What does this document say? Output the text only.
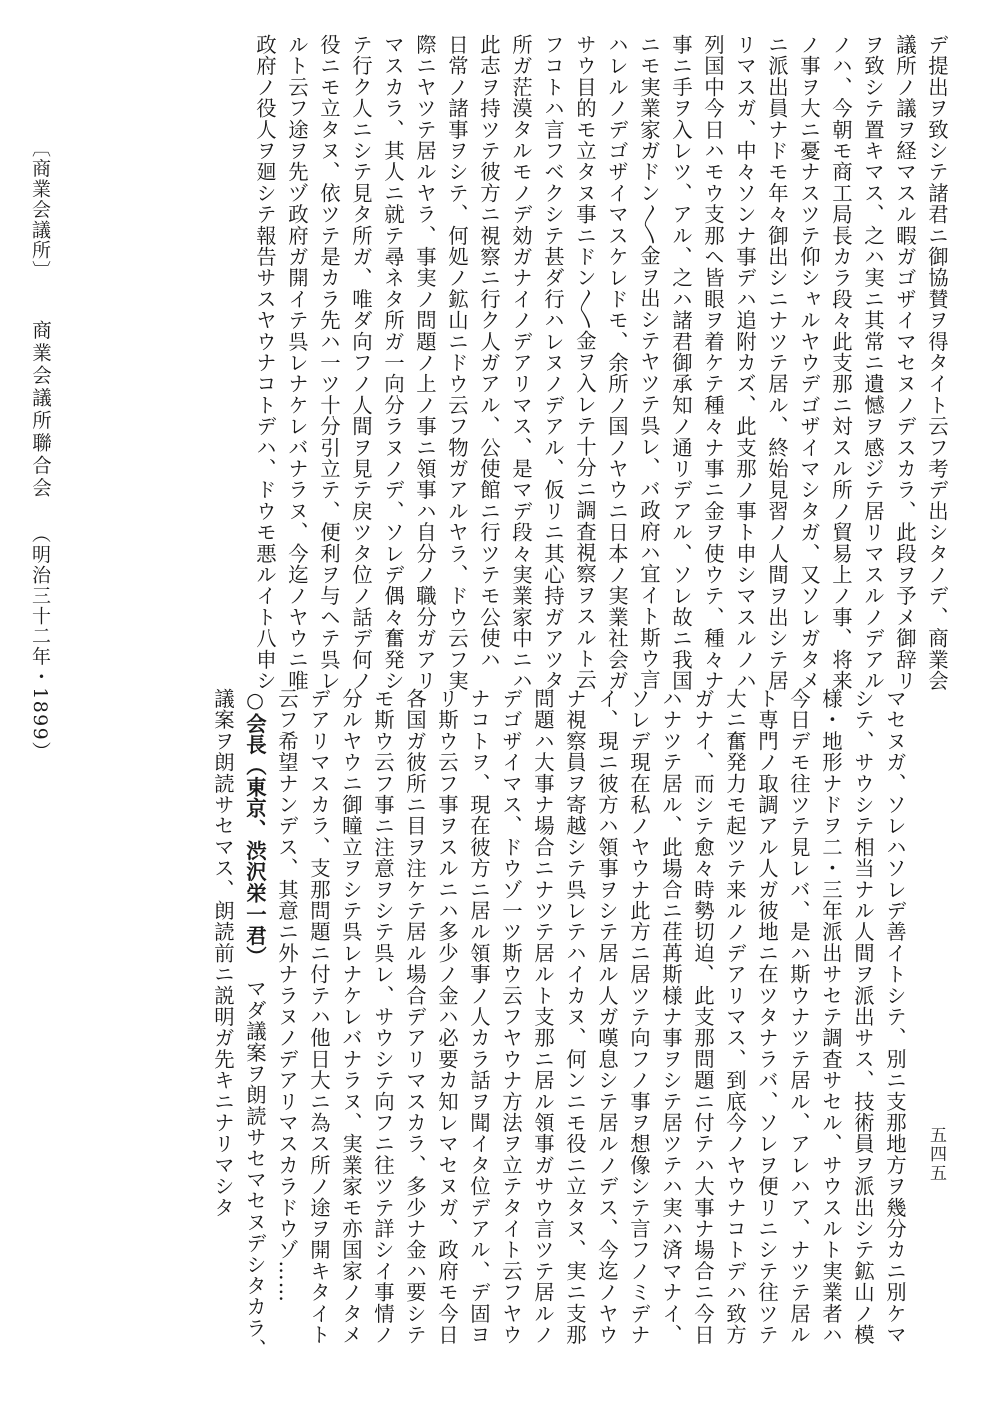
〔商業会議所〕 商業会議所聯合会 （明治三十二年・1899）	デ提出ヲ致シテ諸君ニ御協賛ヲ得タイト云フ考デ出シタノデ、商業会
議所ノ議ヲ経マスル暇ガゴザイマセヌノデスカラ、此段ヲ予メ御辞リ
ヲ致シテ置キマス、之ハ実ニ其常ニ遺憾ヲ感ジテ居リマスルノデアル
ノハ、今朝モ商工局長カラ段々此支那ニ対スル所ノ貿易上ノ事、将来
ノ事ヲ大ニ憂ナスツテ仰シャルヤウデゴザイマシタガ、又ソレガタメ
ニ派出員ナドモ年々御出シニナツテ居ル、終始見習ノ人間ヲ出シテ居
リマスガ、中々ソンナ事デハ追附カズ、此支那ノ事ト申シマスルノハ
列国中今日ハモウ支那ヘ皆眼ヲ着ケテ種々ナ事ニ金ヲ使ウテ、種々ナ
事ニ手ヲ入レツ、アル、之ハ諸君御承知ノ通リデアル、ソレ故ニ我国
ニモ実業家ガドン〳〵金ヲ出シテヤツテ呉レ、バ政府ハ宜イト斯ウ言
ハレルノデゴザイマスケレドモ、余所ノ国ノヤウニ日本ノ実業社会ガ
サウ目的モ立タヌ事ニドン〳〵金ヲ入レテ十分ニ調査視察ヲスルト云
フコトハ言フベクシテ甚ダ行ハレヌノデアル、仮リニ其心持ガアツタ
所ガ茫漠タルモノデ効ガナイノデアリマス、是マデ段々実業家中ニハ
此志ヲ持ツテ彼方ニ視察ニ行ク人ガアル、公使館ニ行ツテモ公使ハ
日常ノ諸事ヲシテ、何処ノ鉱山ニドウ云フ物ガアルヤラ、ドウ云フ実
際ニヤツテ居ルヤラ、事実ノ問題ノ上ノ事ニ領事ハ自分ノ職分ガアリ
マスカラ、其人ニ就テ尋ネタ所ガ一向分ラヌノデ、ソレデ偶々奮発シ
テ行ク人ニシテ見タ所ガ、唯ダ向フノ人間ヲ見テ戻ツタ位ノ話デ何ノ
役ニモ立タヌ、依ツテ是カラ先ハ一ツ十分引立テ、便利ヲ与ヘテ呉レ
ルト云フ途ヲ先ヅ政府ガ開イテ呉レナケレバナラヌ、今迄ノヤウニ唯
政府ノ役人ヲ廻シテ報告サスヤウナコトデハ、ドウモ悪ルイト八申シ
マセヌガ、ソレハソレデ善イトシテ、別ニ支那地方ヲ幾分カニ別ケマ
シテ、サウシテ相当ナル人間ヲ派出サス、技術員ヲ派出シテ鉱山ノ模
様・地形ナドヲ二・三年派出サセテ調査サセル、サウスルト実業者ハ
今日デモ往ツテ見レバ、是ハ斯ウナツテ居ル、アレハア、ナツテ居ル
ト専門ノ取調アル人ガ彼地ニ在ツタナラバ、ソレヲ便リニシテ往ツテ
大ニ奮発力モ起ツテ来ルノデアリマス、到底今ノヤウナコトデハ致方
ガナイ、而シテ愈々時勢切迫、此支那問題ニ付テハ大事ナ場合ニ今日
ハナツテ居ル、此場合ニ荏苒斯様ナ事ヲシテ居ツテハ実ハ済マナイ、
ソレデ現在私ノヤウナ此方ニ居ツテ向フノ事ヲ想像シテ言フノミデナ
イ、現ニ彼方ハ領事ヲシテ居ル人ガ嘆息シテ居ルノデス、今迄ノヤウ
ナ視察員ヲ寄越シテ呉レテハイカヌ、何ンニモ役ニ立タヌ、実ニ支那
問題ハ大事ナ場合ニナツテ居ルト支那ニ居ル領事ガサウ言ツテ居ルノ
デゴザイマス、ドウゾ一ツ斯ウ云フヤウナ方法ヲ立テタイト云フヤウ
ナコトヲ、現在彼方ニ居ル領事ノ人カラ話ヲ聞イタ位デアル、デ固ヨ
リ斯ウ云フ事ヲスルニハ多少ノ金ハ必要カ知レマセヌガ、政府モ今日
各国ガ彼所ニ目ヲ注ケテ居ル場合デアリマスカラ、多少ナ金ハ要シテ
モ斯ウ云フ事ニ注意ヲシテ呉レ、サウシテ向フニ往ツテ詳シイ事情ノ
分ルヤウニ御瞳立ヲシテ呉レナケレバナラヌ、実業家モ亦国家ノタメ
デアリマスカラ、支那問題ニ付テハ他日大ニ為ス所ノ途ヲ開キタイト
云フ希望ナンデス、其意ニ外ナラヌノデアリマスカラドウゾ……
○会長（東京、渋沢栄一君）　マダ議案ヲ朗読サセマセヌデシタカラ、
議案ヲ朗読サセマス、朗読前ニ説明ガ先キニナリマシタ	五四五
